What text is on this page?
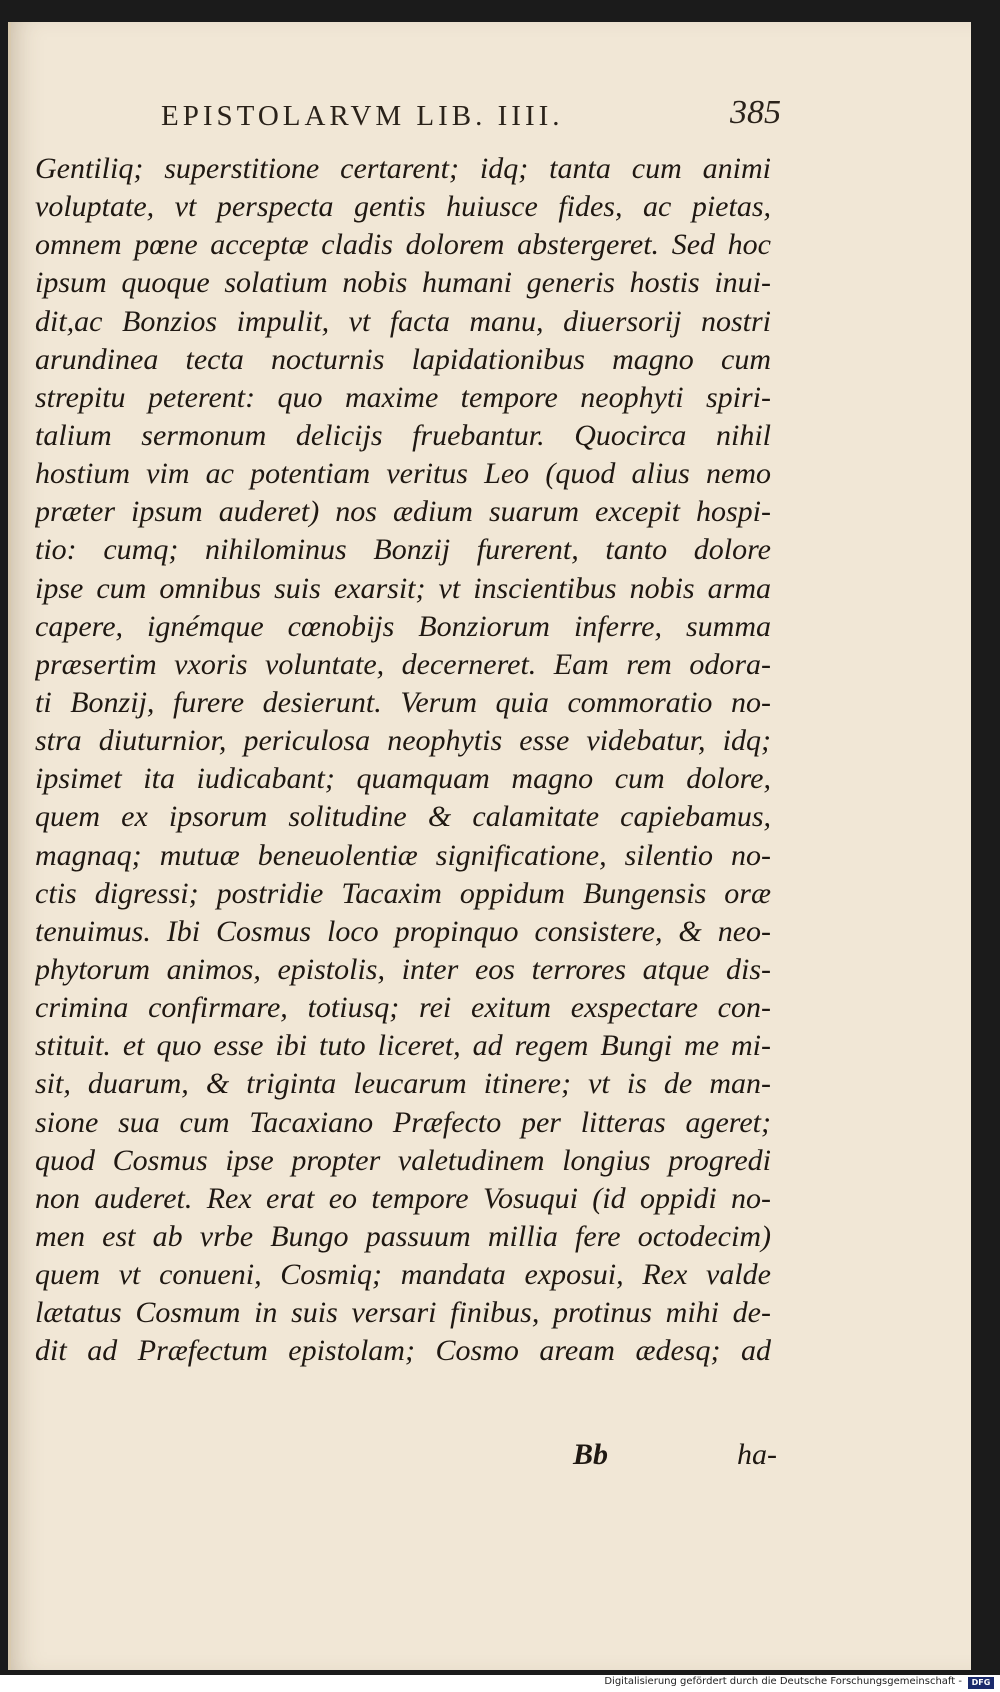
EPISTOLARVM LIB. IIII.	385
Gentiliq; superstitione certarent; idq; tanta cum animi
voluptate, vt perspecta gentis huiusce fides, ac pietas,
omnem pœne acceptæ cladis dolorem abstergeret. Sed hoc
ipsum quoque solatium nobis humani generis hostis inui-
dit,ac Bonzios impulit, vt facta manu, diuersorij nostri
arundinea tecta nocturnis lapidationibus magno cum
strepitu peterent: quo maxime tempore neophyti spiri-
talium sermonum delicijs fruebantur. Quocirca nihil
hostium vim ac potentiam veritus Leo (quod alius nemo
præter ipsum auderet) nos ædium suarum excepit hospi-
tio: cumq; nihilominus Bonzij furerent, tanto dolore
ipse cum omnibus suis exarsit; vt inscientibus nobis arma
capere, ignémque cœnobijs Bonziorum inferre, summa
præsertim vxoris voluntate, decerneret. Eam rem odora-
ti Bonzij, furere desierunt. Verum quia commoratio no-
stra diuturnior, periculosa neophytis esse videbatur, idq;
ipsimet ita iudicabant; quamquam magno cum dolore,
quem ex ipsorum solitudine & calamitate capiebamus,
magnaq; mutuæ beneuolentiæ significatione, silentio no-
ctis digressi; postridie Tacaxim oppidum Bungensis oræ
tenuimus. Ibi Cosmus loco propinquo consistere, & neo-
phytorum animos, epistolis, inter eos terrores atque dis-
crimina confirmare, totiusq; rei exitum exspectare con-
stituit. et quo esse ibi tuto liceret, ad regem Bungi me mi-
sit, duarum, & triginta leucarum itinere; vt is de man-
sione sua cum Tacaxiano Præfecto per litteras ageret;
quod Cosmus ipse propter valetudinem longius progredi
non auderet. Rex erat eo tempore Vosuqui (id oppidi no-
men est ab vrbe Bungo passuum millia fere octodecim)
quem vt conueni, Cosmiq; mandata exposui, Rex valde
lætatus Cosmum in suis versari finibus, protinus mihi de-
dit ad Præfectum epistolam; Cosmo aream ædesq; ad
Bb	ha-
Digitalisierung gefördert durch die Deutsche Forschungsgemeinschaft -	DFG
